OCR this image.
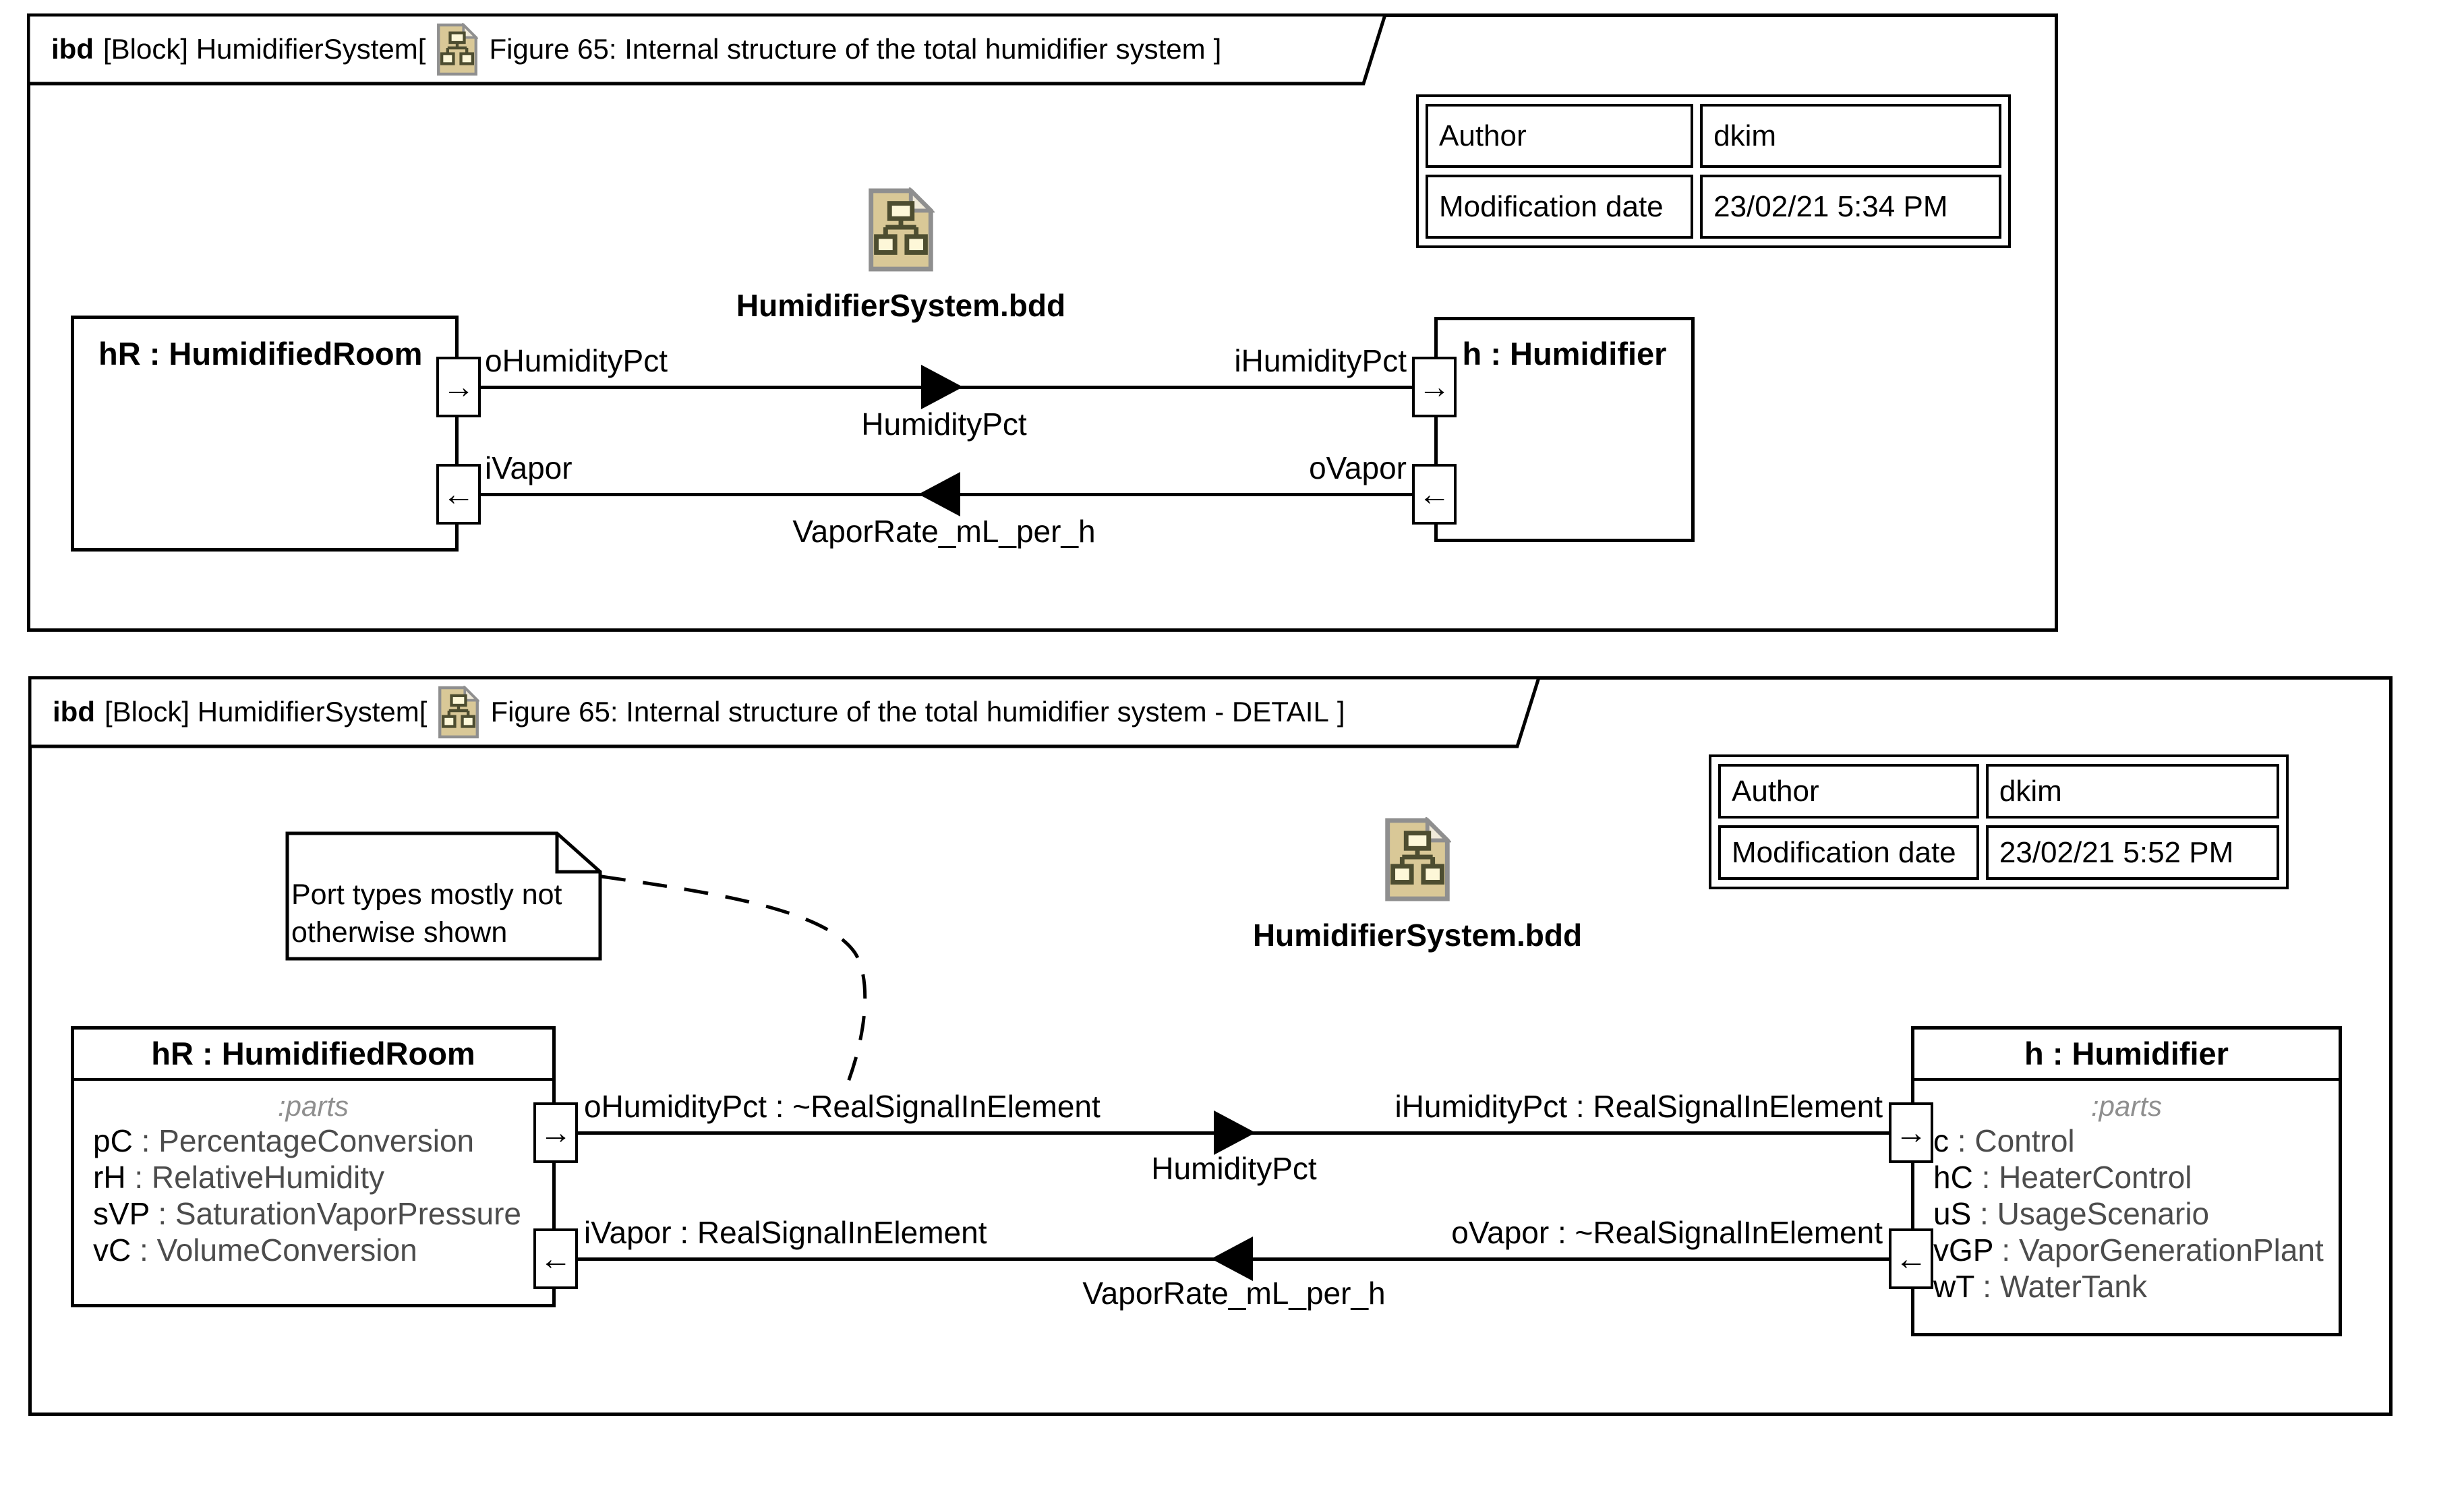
ibd [Block] HumidifierSystem[ Figure 65: Internal structure of the total humidifier system ]
Author	dkim
Modification date	23/02/21 5:34 PM
HumidifierSystem.bdd
hR : HumidifiedRoom	h : Humidifier
→
←
→
←
oHumidityPct	iHumidityPct
HumidityPct
iVapor	oVapor
VaporRate_mL_per_h
ibd [Block] HumidifierSystem[ Figure 65: Internal structure of the total humidifier system - DETAIL ]
Author	dkim
Modification date	23/02/21 5:52 PM
HumidifierSystem.bdd
Port types mostly not
otherwise shown
hR : HumidifiedRoom
:parts
pC : PercentageConversion
rH : RelativeHumidity
sVP : SaturationVaporPressure
vC : VolumeConversion
h : Humidifier
:parts
c : Control
hC : HeaterControl
uS : UsageScenario
vGP : VaporGenerationPlant
wT : WaterTank
→
←
→
←
oHumidityPct : ~RealSignalInElement	iHumidityPct : RealSignalInElement
HumidityPct
iVapor : RealSignalInElement	oVapor : ~RealSignalInElement
VaporRate_mL_per_h
